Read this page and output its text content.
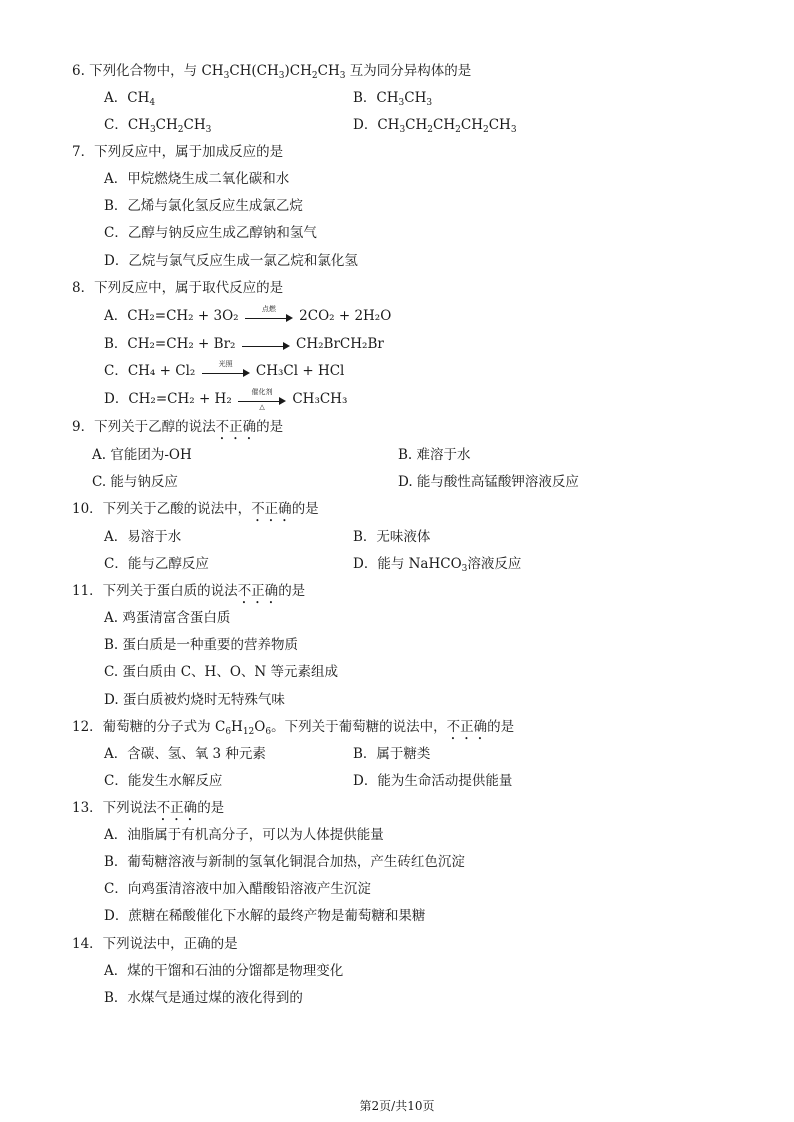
6. 下列化合物中，与 $CH_3CH(CH_3)CH_2CH_3$ 互为同分异构体的是
A．$CH_4$	B．$CH_3CH_3$
C．$CH_3CH_2CH_3$	D．$CH_3CH_2CH_2CH_2CH_3$
7．下列反应中，属于加成反应的是
A．甲烷燃烧生成二氧化碳和水
B．乙烯与氯化氢反应生成氯乙烷
C．乙醇与钠反应生成乙醇钠和氢气
D．乙烷与氯气反应生成一氯乙烷和氯化氢
8．下列反应中，属于取代反应的是
A．CH₂=CH₂ + 3O₂	点燃	2CO₂ + 2H₂O
B．CH₂=CH₂ + Br₂	CH₂BrCH₂Br
C．CH₄ + Cl₂	光照	CH₃Cl + HCl
D．CH₂=CH₂ + H₂	催化剂
△	CH₃CH₃
9．下列关于乙醇的说法不正确的是
A. 官能团为-OH	B. 难溶于水
C. 能与钠反应	D. 能与酸性高锰酸钾溶液反应
10．下列关于乙酸的说法中，不正确的是
A．易溶于水	B．无味液体
C．能与乙醇反应	D．能与 NaHCO$_3$溶液反应
11．下列关于蛋白质的说法不正确的是
A. 鸡蛋清富含蛋白质
B. 蛋白质是一种重要的营养物质
C. 蛋白质由 C、H、O、N 等元素组成
D. 蛋白质被灼烧时无特殊气味
12．葡萄糖的分子式为 $C_6H_{12}O_6$。下列关于葡萄糖的说法中，不正确的是
A．含碳、氢、氧 3 种元素	B．属于糖类
C．能发生水解反应	D．能为生命活动提供能量
13．下列说法不正确的是
A．油脂属于有机高分子，可以为人体提供能量
B．葡萄糖溶液与新制的氢氧化铜混合加热，产生砖红色沉淀
C．向鸡蛋清溶液中加入醋酸铅溶液产生沉淀
D．蔗糖在稀酸催化下水解的最终产物是葡萄糖和果糖
14．下列说法中，正确的是
A．煤的干馏和石油的分馏都是物理变化
B．水煤气是通过煤的液化得到的
第2页/共10页
